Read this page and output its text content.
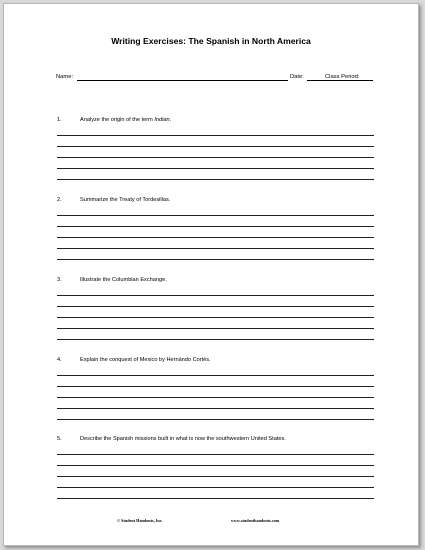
Writing Exercises: The Spanish in North America
Name:	Date:	Class Period:
1.	Analyze the origin of the term Indian.
2.	Summarize the Treaty of Tordesillas.
3.	Illustrate the Columbian Exchange.
4.	Explain the conquest of Mexico by Hernándo Cortés.
5.	Describe the Spanish missions built in what is now the southwestern United States.
© Student Handouts, Inc.	www.studenthandouts.com
